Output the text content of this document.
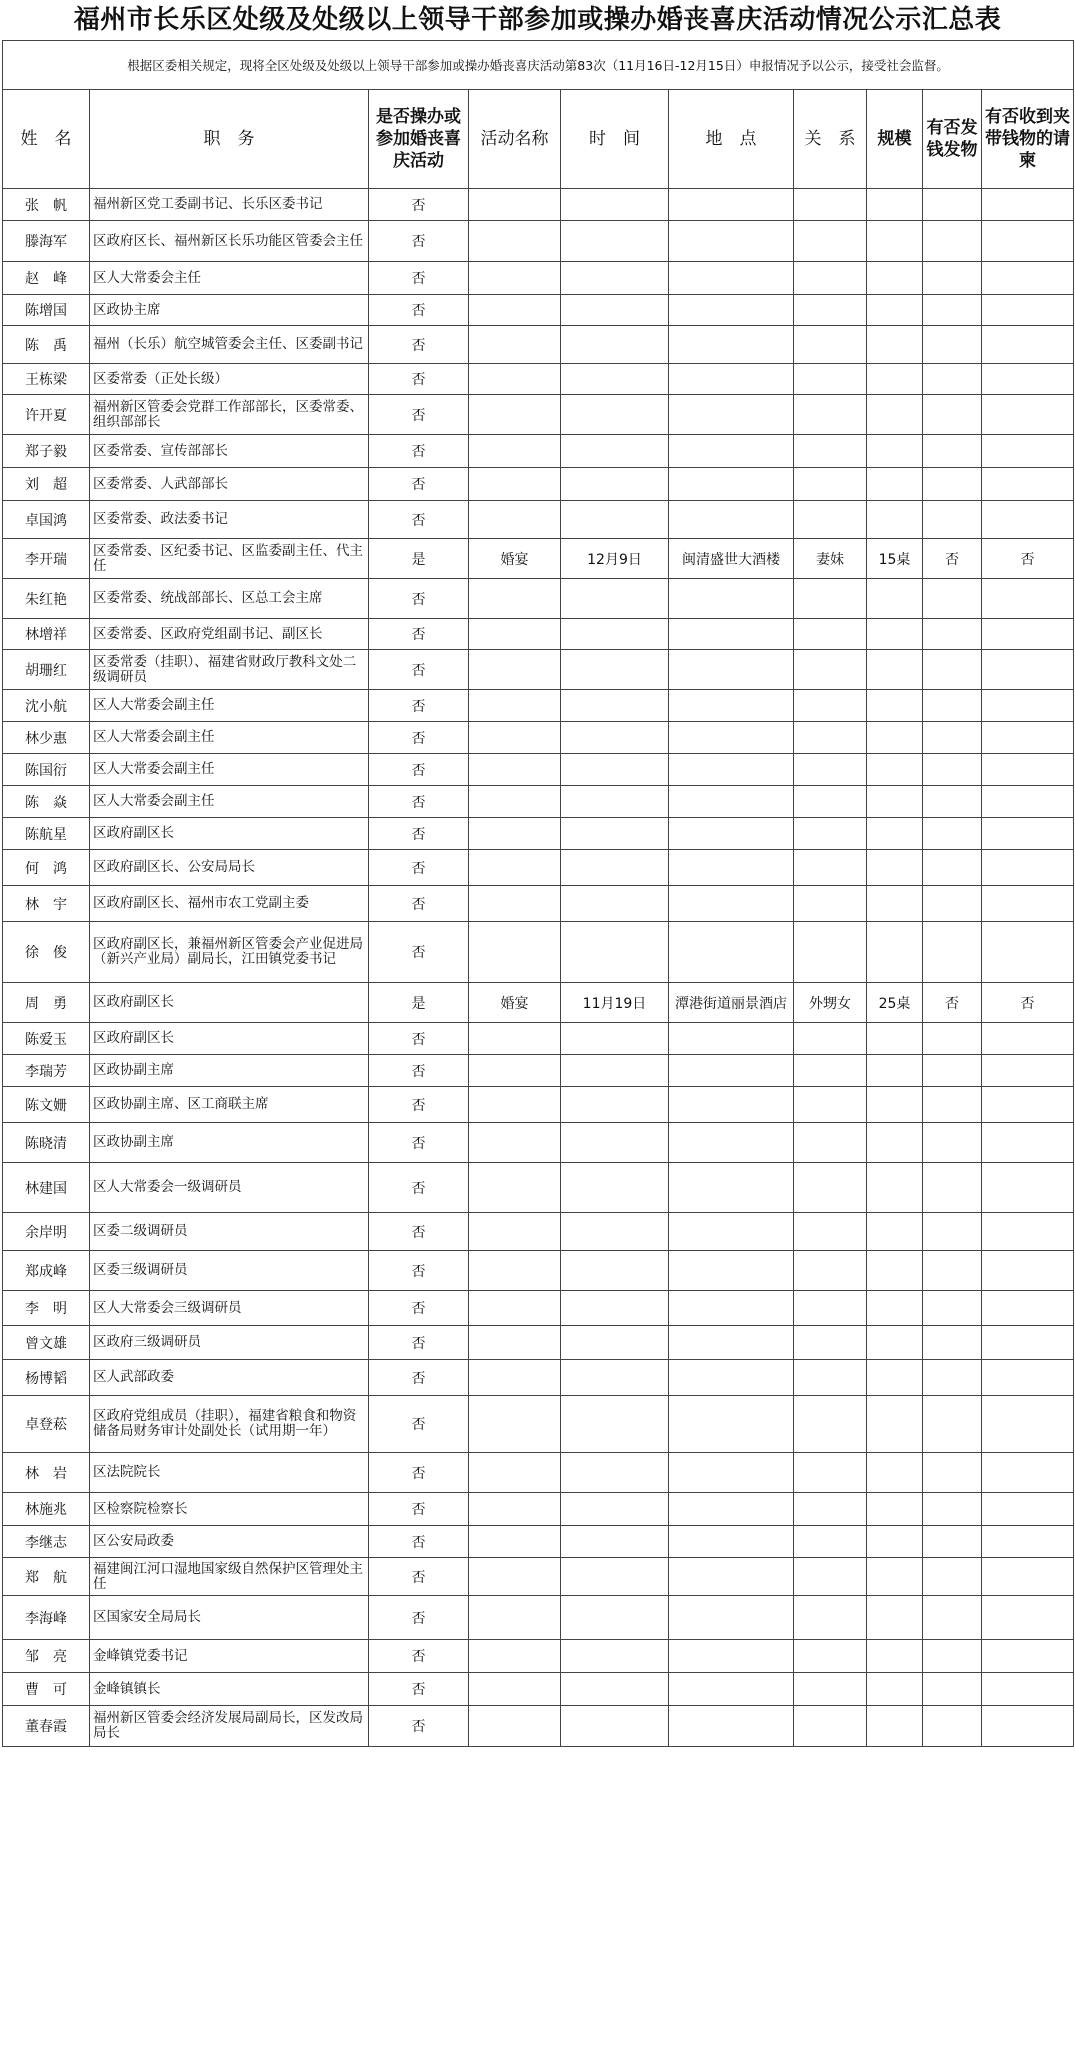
福州市长乐区处级及处级以上领导干部参加或操办婚丧喜庆活动情况公示汇总表
根据区委相关规定，现将全区处级及处级以上领导干部参加或操办婚丧喜庆活动第83次（11月16日-12月15日）申报情况予以公示，接受社会监督。									
姓　名	职　务	是否操办或参加婚丧喜庆活动	活动名称	时　间	地　点	关　系	规模	有否发钱发物	有否收到夹带钱物的请柬
张　帆	福州新区党工委副书记、长乐区委书记	否							
滕海军	区政府区长、福州新区长乐功能区管委会主任	否							
赵　峰	区人大常委会主任	否							
陈增国	区政协主席	否							
陈　禹	福州（长乐）航空城管委会主任、区委副书记	否							
王栋梁	区委常委（正处长级）	否							
许开夏	福州新区管委会党群工作部部长，区委常委、组织部部长	否							
郑子毅	区委常委、宣传部部长	否							
刘　超	区委常委、人武部部长	否							
卓国鸿	区委常委、政法委书记	否							
李开瑞	区委常委、区纪委书记、区监委副主任、代主任	是	婚宴	12月9日	闽清盛世大酒楼	妻妹	15桌	否	否
朱红艳	区委常委、统战部部长、区总工会主席	否							
林增祥	区委常委、区政府党组副书记、副区长	否							
胡珊红	区委常委（挂职）、福建省财政厅教科文处二级调研员	否							
沈小航	区人大常委会副主任	否							
林少惠	区人大常委会副主任	否							
陈国衍	区人大常委会副主任	否							
陈　焱	区人大常委会副主任	否							
陈航星	区政府副区长	否							
何　鸿	区政府副区长、公安局局长	否							
林　宇	区政府副区长、福州市农工党副主委	否							
徐　俊	区政府副区长，兼福州新区管委会产业促进局（新兴产业局）副局长，江田镇党委书记	否							
周　勇	区政府副区长	是	婚宴	11月19日	潭港街道丽景酒店	外甥女	25桌	否	否
陈爱玉	区政府副区长	否							
李瑞芳	区政协副主席	否							
陈文姗	区政协副主席、区工商联主席	否							
陈晓清	区政协副主席	否							
林建国	区人大常委会一级调研员	否							
余岸明	区委二级调研员	否							
郑成峰	区委三级调研员	否							
李　明	区人大常委会三级调研员	否							
曾文雄	区政府三级调研员	否							
杨博韬	区人武部政委	否							
卓登菘	区政府党组成员（挂职），福建省粮食和物资储备局财务审计处副处长（试用期一年）	否							
林　岩	区法院院长	否							
林施兆	区检察院检察长	否							
李继志	区公安局政委	否							
郑　航	福建闽江河口湿地国家级自然保护区管理处主任	否							
李海峰	区国家安全局局长	否							
邹　亮	金峰镇党委书记	否							
曹　可	金峰镇镇长	否							
董春霞	福州新区管委会经济发展局副局长，区发改局局长	否							
